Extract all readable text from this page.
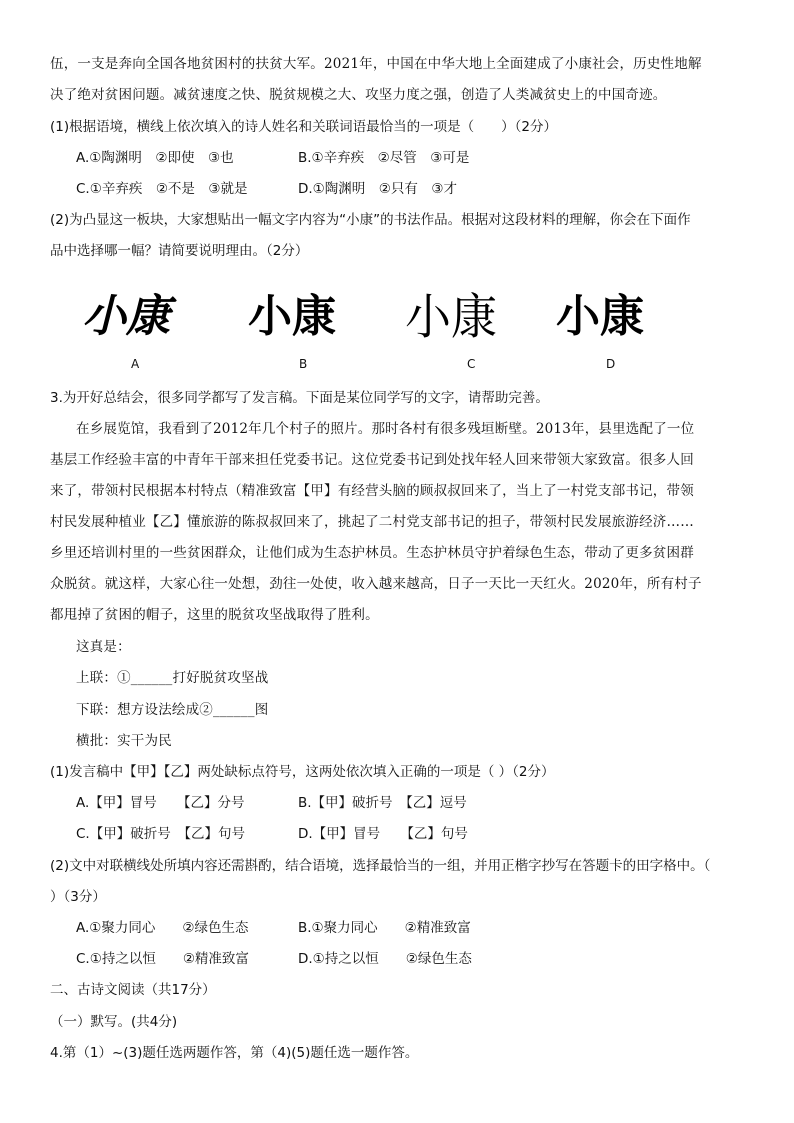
伍，一支是奔向全国各地贫困村的扶贫大军。2021年，中国在中华大地上全面建成了小康社会，历史性地解
决了绝对贫困问题。减贫速度之快、脱贫规模之大、攻坚力度之强，创造了人类减贫史上的中国奇迹。
(1)根据语境，横线上依次填入的诗人姓名和关联词语最恰当的一项是（　　）（2分）
A.①陶渊明　②即使　③也	B.①辛弃疾　②尽管　③可是
C.①辛弃疾　②不是　③就是	D.①陶渊明　②只有　③才
(2)为凸显这一板块，大家想贴出一幅文字内容为“小康”的书法作品。根据对这段材料的理解，你会在下面作
品中选择哪一幅？请简要说明理由。（2分）
小康 小康 小康 小康
A	B	C	D
3.为开好总结会，很多同学都写了发言稿。下面是某位同学写的文字，请帮助完善。
在乡展览馆，我看到了2012年几个村子的照片。那时各村有很多残垣断壁。2013年，县里选配了一位
基层工作经验丰富的中青年干部来担任党委书记。这位党委书记到处找年轻人回来带领大家致富。很多人回
来了，带领村民根据本村特点（精准致富【甲】有经营头脑的顾叔叔回来了，当上了一村党支部书记，带领
村民发展种植业【乙】懂旅游的陈叔叔回来了，挑起了二村党支部书记的担子，带领村民发展旅游经济……
乡里还培训村里的一些贫困群众，让他们成为生态护林员。生态护林员守护着绿色生态，带动了更多贫困群
众脱贫。就这样，大家心往一处想，劲往一处使，收入越来越高，日子一天比一天红火。2020年，所有村子
都甩掉了贫困的帽子，这里的脱贫攻坚战取得了胜利。
这真是：
上联：①______打好脱贫攻坚战
下联：想方设法绘成②______图
横批：实干为民
(1)发言稿中【甲】【乙】两处缺标点符号，这两处依次填入正确的一项是（ ）（2分）
A.【甲】冒号　　【乙】分号	B.【甲】破折号　【乙】逗号
C.【甲】破折号　【乙】句号	D.【甲】冒号　　【乙】句号
(2)文中对联横线处所填内容还需斟酌，结合语境，选择最恰当的一组，并用正楷字抄写在答题卡的田字格中。（
）（3分）
A.①聚力同心　　②绿色生态	B.①聚力同心　　②精准致富
C.①持之以恒　　②精准致富	D.①持之以恒　　②绿色生态
二、古诗文阅读（共17分）
（一）默写。(共4分)
4.第（1）~(3)题任选两题作答，第（4)(5)题任选一题作答。
